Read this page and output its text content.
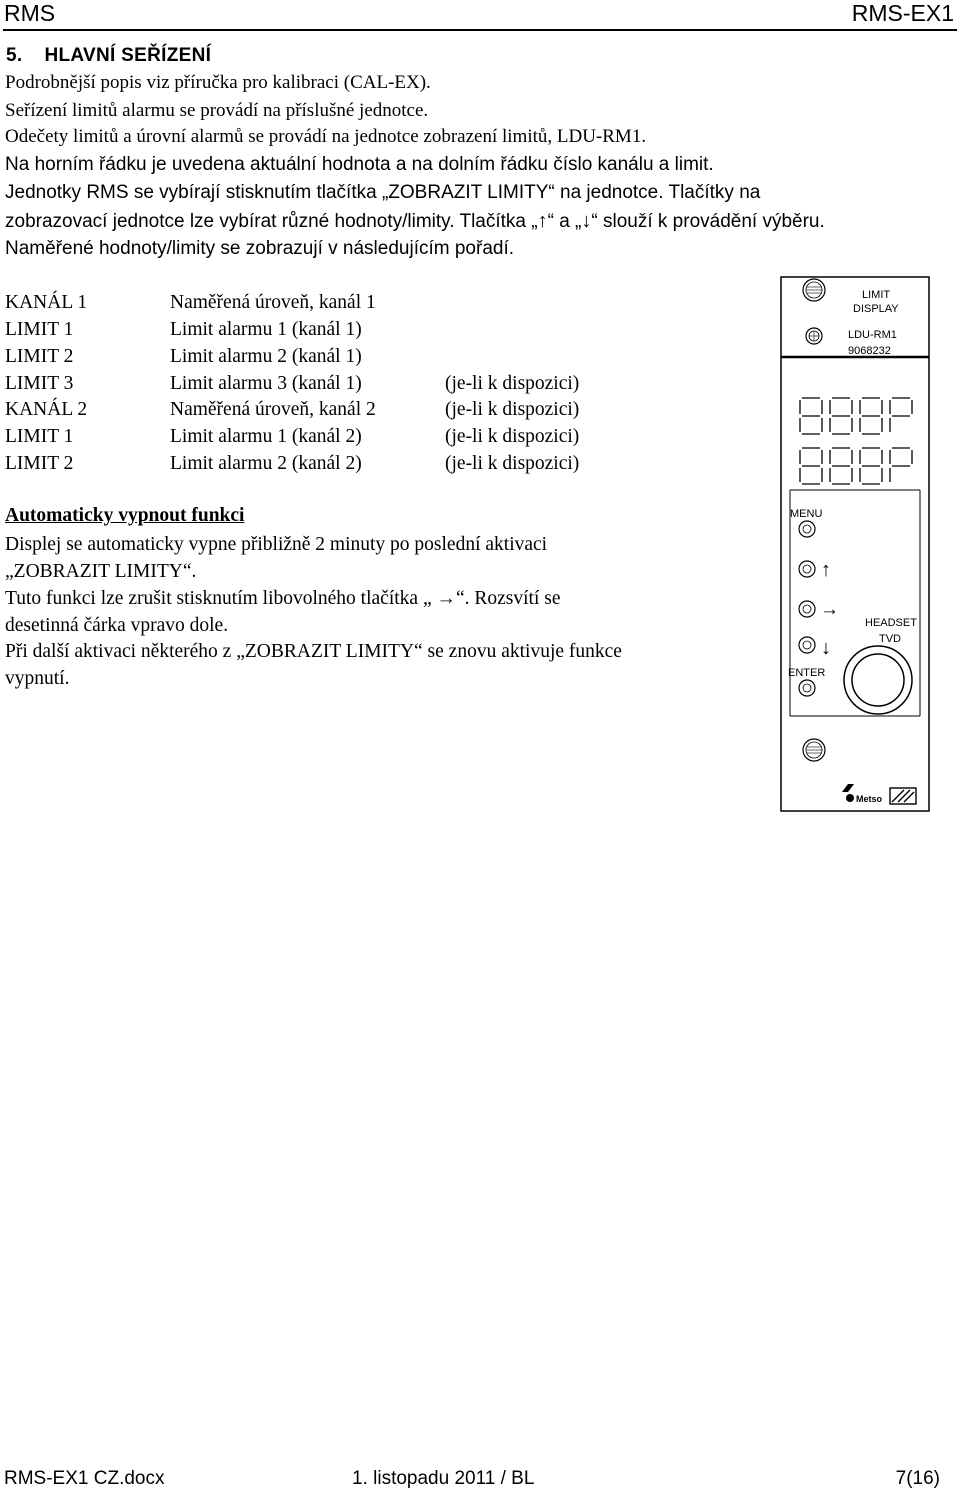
RMS	RMS-EX1
5. HLAVNÍ SEŘÍZENÍ
Podrobnější popis viz příručka pro kalibraci (CAL-EX).
Seřízení limitů alarmu se provádí na příslušné jednotce.
Odečety limitů a úrovní alarmů se provádí na jednotce zobrazení limitů, LDU-RM1.
Na horním řádku je uvedena aktuální hodnota a na dolním řádku číslo kanálu a limit.
Jednotky RMS se vybírají stisknutím tlačítka „ZOBRAZIT LIMITY“ na jednotce. Tlačítky na
zobrazovací jednotce lze vybírat různé hodnoty/limity. Tlačítka „↑“ a „↓“ slouží k provádění výběru.
Naměřené hodnoty/limity se zobrazují v následujícím pořadí.
KANÁL 1	Naměřená úroveň, kanál 1
LIMIT 1	Limit alarmu 1 (kanál 1)
LIMIT 2	Limit alarmu 2 (kanál 1)
LIMIT 3	Limit alarmu 3 (kanál 1)	(je-li k dispozici)
KANÁL 2	Naměřená úroveň, kanál 2	(je-li k dispozici)
LIMIT 1	Limit alarmu 1 (kanál 2)	(je-li k dispozici)
LIMIT 2	Limit alarmu 2 (kanál 2)	(je-li k dispozici)
Automaticky vypnout funkci
Displej se automaticky vypne přibližně 2 minuty po poslední aktivaci
„ZOBRAZIT LIMITY“.
Tuto funkci lze zrušit stisknutím libovolného tlačítka „ →“. Rozsvítí se
desetinná čárka vpravo dole.
Při další aktivaci některého z „ZOBRAZIT LIMITY“ se znovu aktivuje funkce
vypnutí.
LIMIT
DISPLAY
LDU-RM1
9068232
MENU
↑
→
↓
ENTER
HEADSET
TVD
Metso
RMS-EX1 CZ.docx	1. listopadu 2011 / BL	7(16)
